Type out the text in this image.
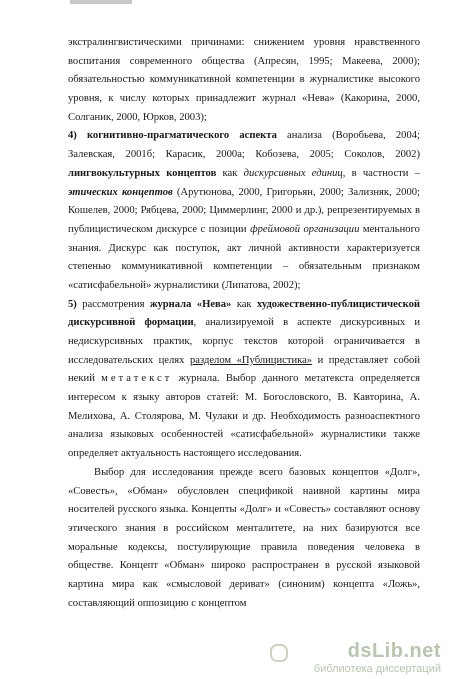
экстралингвистическими причинами: снижением уровня нравственного
воспитания современного общества (Апресян, 1995; Макеева, 2000);
обязательностью коммуникативной компетенции в журналистике высокого
уровня, к числу которых принадлежит журнал «Нева» (Какорина, 2000,
Солганик, 2000, Юрков, 2003);
4) когнитивно-прагматического аспекта анализа (Воробьева, 2004;
Залевская, 2001б; Карасик, 2000а; Кобозева, 2005; Соколов, 2002)
лингвокультурных концептов как дискурсивных единиц, в частности –
этических концептов (Арутюнова, 2000, Григорьян, 2000; Зализняк, 2000;
Кошелев, 2000; Рябцева, 2000; Циммерлинг, 2000 и др.), репрезентируемых в
публицистическом дискурсе с позиции фреймовой организации ментального
знания. Дискурс как поступок, акт личной активности характеризуется
степенью коммуникативной компетенции – обязательным признаком
«сатисфабельной» журналистики (Липатова, 2002);
5) рассмотрения журнала «Нева» как художественно-публицистической
дискурсивной формации, анализируемой в аспекте дискурсивных и
недискурсивных практик, корпус текстов которой ограничивается в
исследовательских целях разделом «Публицистика» и представляет собой
некий метатекст журнала. Выбор данного метатекста определяется
интересом к языку авторов статей: М. Богословского, В. Кавторина, А.
Мелихова, А. Столярова, М. Чулаки и др. Необходимость разноаспектного
анализа языковых особенностей «сатисфабельной» журналистики также
определяет актуальность настоящего исследования.
Выбор для исследования прежде всего базовых концептов «Долг»,
«Совесть», «Обман» обусловлен спецификой наивной картины мира
носителей русского языка. Концепты «Долг» и «Совесть» составляют основу
этического знания в российском менталитете, на них базируются все
моральные кодексы, постулирующие правила поведения человека в
обществе. Концепт «Обман» широко распространен в русской языковой
картина мира как «смысловой дериват» (синоним) концепта «Ложь»,
составляющий оппозицию с концептом
dsLib.net
библиотека диссертаций
